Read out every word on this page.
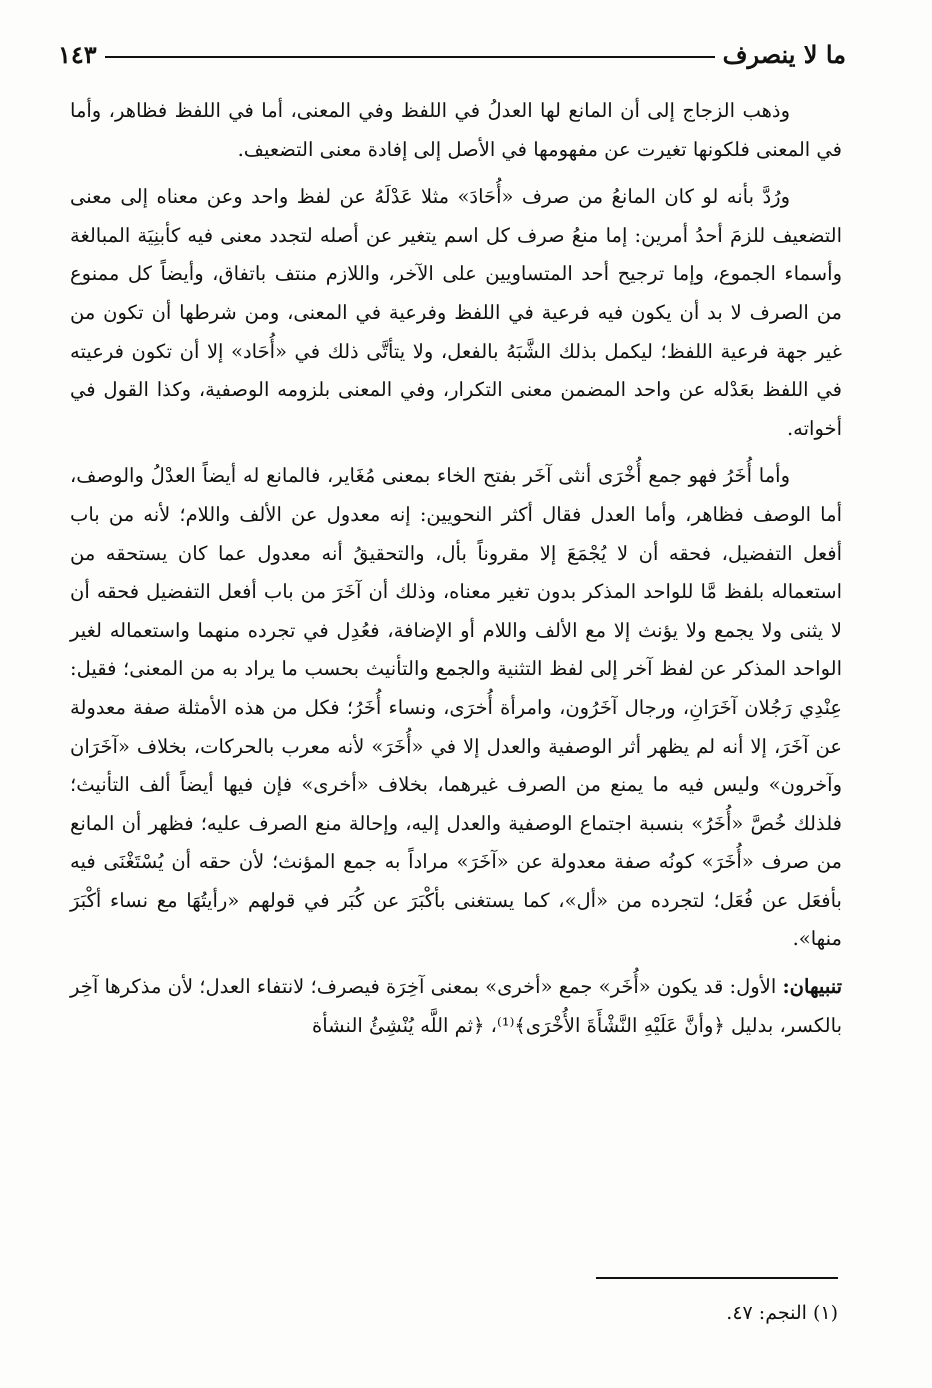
ما لا ينصرف
١٤٣

وذهب الزجاج إلى أن المانع لها العدلُ في اللفظ وفي المعنى، أما في اللفظ فظاهر، وأما في المعنى فلكونها تغيرت عن مفهومها في الأصل إلى إفادة معنى التضعيف.

ورُدَّ بأنه لو كان المانعُ من صرف «أُحَادَ» مثلا عَدْلَهُ عن لفظ واحد وعن معناه إلى معنى التضعيف للزمَ أحدُ أمرين: إما منعُ صرف كل اسم يتغير عن أصله لتجدد معنى فيه كأبنِيَة المبالغة وأسماء الجموع، وإما ترجيح أحد المتساويين على الآخر، واللازم منتف باتفاق، وأيضاً كل ممنوع من الصرف لا بد أن يكون فيه فرعية في اللفظ وفرعية في المعنى، ومن شرطها أن تكون من غير جهة فرعية اللفظ؛ ليكمل بذلك الشَّبَهُ بالفعل، ولا يتأتَّى ذلك في «أُحَاد» إلا أن تكون فرعيته في اللفظ بعَدْله عن واحد المضمن معنى التكرار، وفي المعنى بلزومه الوصفية، وكذا القول في أخواته.

وأما أُخَرُ فهو جمع أُخْرَى أنثى آخَر بفتح الخاء بمعنى مُغَاير، فالمانع له أيضاً العدْلُ والوصف، أما الوصف فظاهر، وأما العدل فقال أكثر النحويين: إنه معدول عن الألف واللام؛ لأنه من باب أفعل التفضيل، فحقه أن لا يُجْمَعَ إلا مقروناً بأل، والتحقيقُ أنه معدول عما كان يستحقه من استعماله بلفظ مَّا للواحد المذكر بدون تغير معناه، وذلك أن آخَرَ من باب أفعل التفضيل فحقه أن لا يثنى ولا يجمع ولا يؤنث إلا مع الألف واللام أو الإضافة، فعُدِل في تجرده منهما واستعماله لغير الواحد المذكر عن لفظ آخر إلى لفظ التثنية والجمع والتأنيث بحسب ما يراد به من المعنى؛ فقيل: عِنْدِي رَجُلان آخَرَانِ، ورجال آخَرُون، وامرأة أُخرَى، ونساء أُخَرُ؛ فكل من هذه الأمثلة صفة معدولة عن آخَرَ، إلا أنه لم يظهر أثر الوصفية والعدل إلا في «أُخَرَ» لأنه معرب بالحركات، بخلاف «آخَرَان وآخرون» وليس فيه ما يمنع من الصرف غيرهما، بخلاف «أخرى» فإن فيها أيضاً ألف التأنيث؛ فلذلك خُصَّ «أُخَرُ» بنسبة اجتماع الوصفية والعدل إليه، وإحالة منع الصرف عليه؛ فظهر أن المانع من صرف «أُخَرَ» كونُه صفة معدولة عن «آخَرَ» مراداً به جمع المؤنث؛ لأن حقه أن يُسْتَغْنَى فيه بأفعَل عن فُعَل؛ لتجرده من «أل»، كما يستغنى بأكْبَرَ عن كُبَر في قولهم «رأيتُهَا مع نساء أكْبَرَ منها».

تنبيهان: الأول: قد يكون «أُخَر» جمع «أخرى» بمعنى آخِرَة فيصرف؛ لانتفاء العدل؛ لأن مذكرها آخِر بالكسر، بدليل ﴿وأنَّ عَلَيْهِ النَّشْأَةَ الأُخْرَى﴾⁽¹⁾، ﴿ثم اللَّه يُنْشِئُ النشأة

(١) النجم: ٤٧.
